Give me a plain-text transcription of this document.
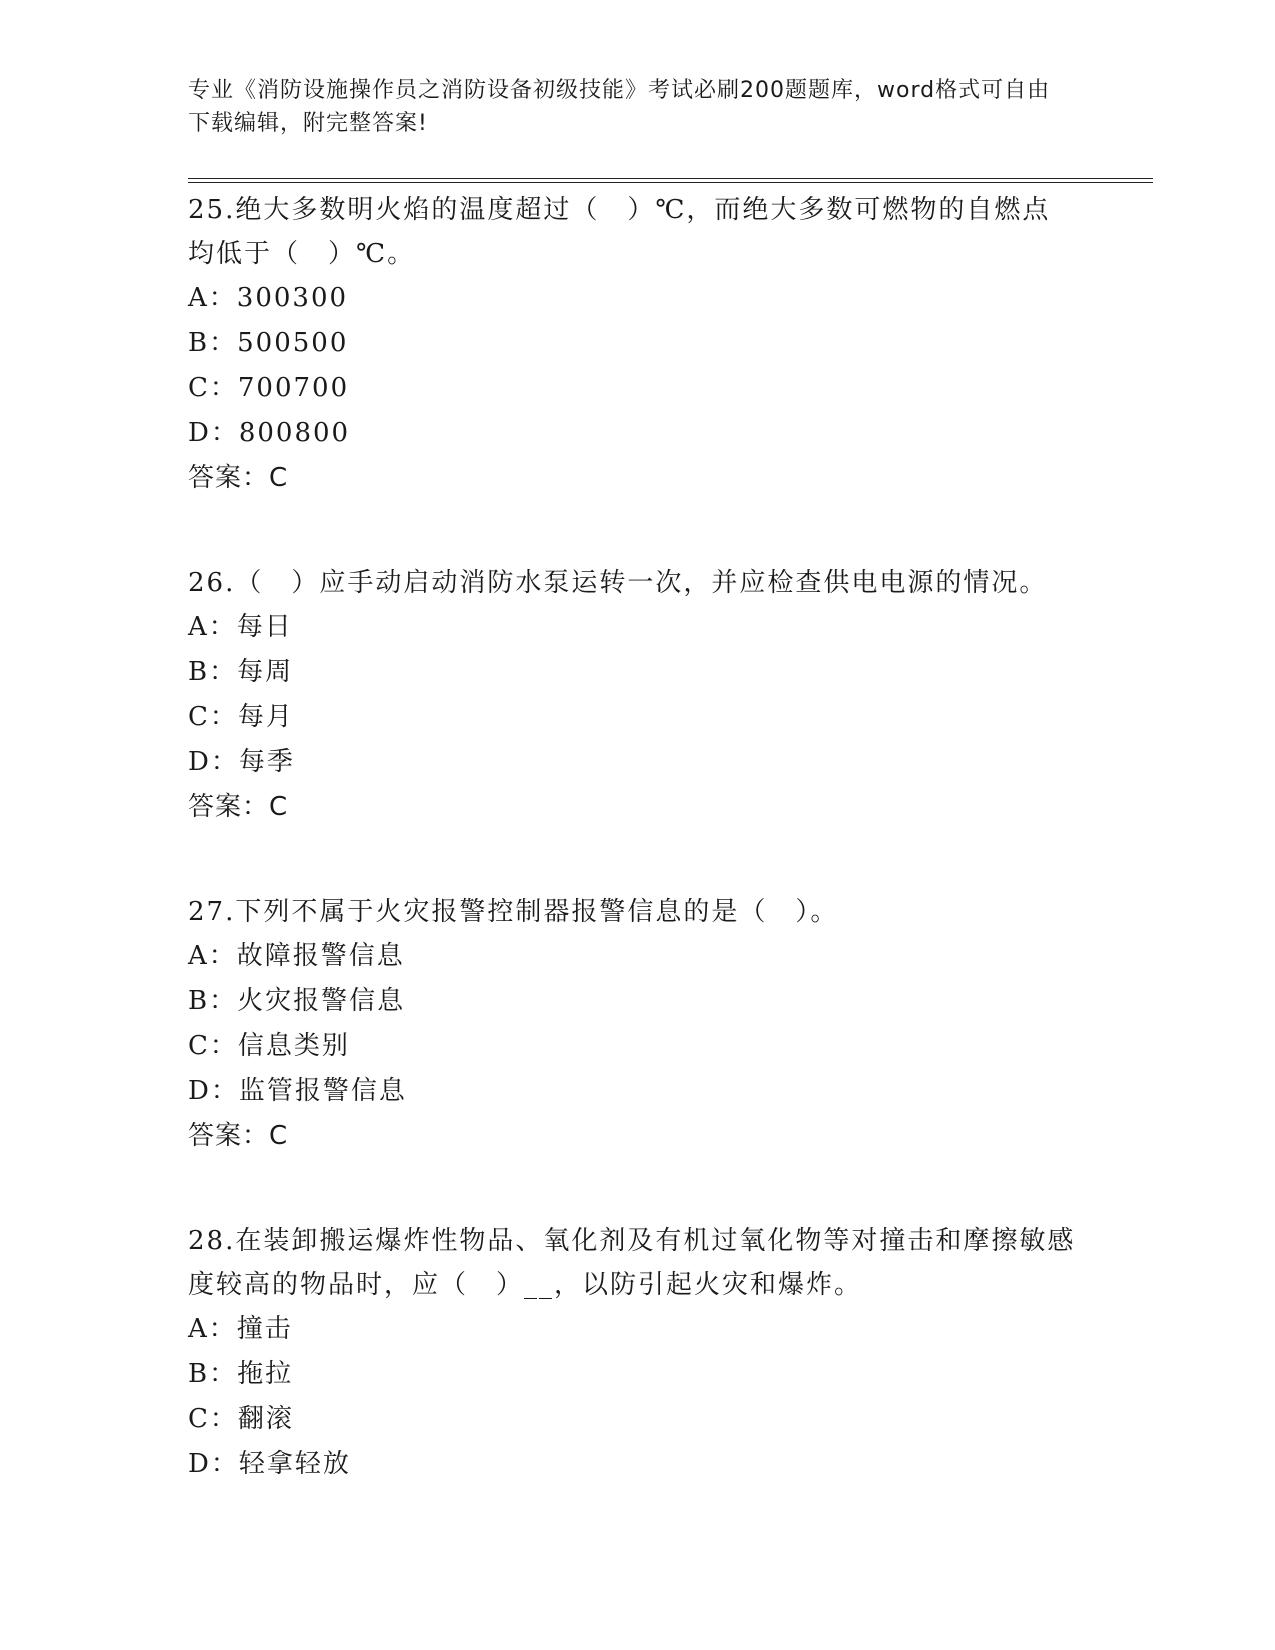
专业《消防设施操作员之消防设备初级技能》考试必刷200题题库，word格式可自由下载编辑，附完整答案!
25.绝大多数明火焰的温度超过（　）℃，而绝大多数可燃物的自燃点均低于（　）℃。
A：300300
B：500500
C：700700
D：800800
答案：C
26.（　）应手动启动消防水泵运转一次，并应检查供电电源的情况。
A：每日
B：每周
C：每月
D：每季
答案：C
27.下列不属于火灾报警控制器报警信息的是（　）。
A：故障报警信息
B：火灾报警信息
C：信息类别
D：监管报警信息
答案：C
28.在装卸搬运爆炸性物品、氧化剂及有机过氧化物等对撞击和摩擦敏感度较高的物品时，应（　）__，以防引起火灾和爆炸。
A：撞击
B：拖拉
C：翻滚
D：轻拿轻放
